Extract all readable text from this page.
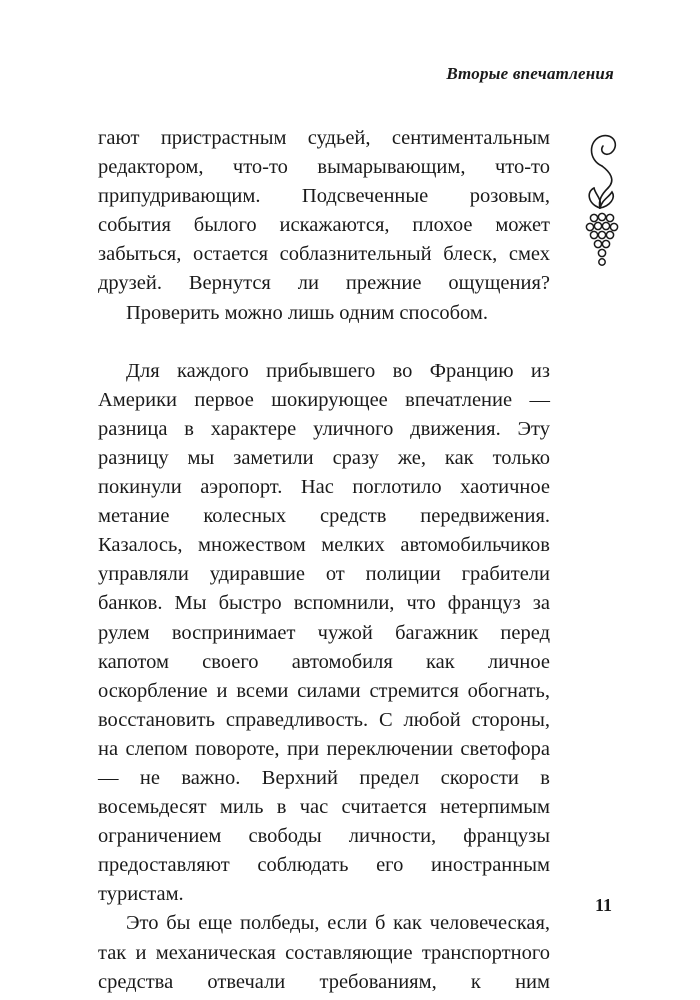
Вторые впечатления

гают пристрастным судьей, сентиментальным редактором, что-то вымарывающим, что-то припудривающим. Подсвеченные розовым, события былого искажаются, плохое может забыться, остается соблазнительный блеск, смех друзей. Вернутся ли прежние ощущения?

Проверить можно лишь одним способом.

Для каждого прибывшего во Францию из Америки первое шокирующее впечатление — разница в характере уличного движения. Эту разницу мы заметили сразу же, как только покинули аэропорт. Нас поглотило хаотичное метание колесных средств передвижения. Казалось, множеством мелких автомобильчиков управляли удиравшие от полиции грабители банков. Мы быстро вспомнили, что француз за рулем воспринимает чужой багажник перед капотом своего автомобиля как личное оскорбление и всеми силами стремится обогнать, восстановить справедливость. С любой стороны, на слепом повороте, при переключении светофора — не важно. Верхний предел скорости в восемьдесят миль в час считается нетерпимым ограничением свободы личности, французы предоставляют соблюдать его иностранным туристам.

Это бы еще полбеды, если б как человеческая, так и механическая составляющие транспортного средства отвечали требованиям, к ним

11
